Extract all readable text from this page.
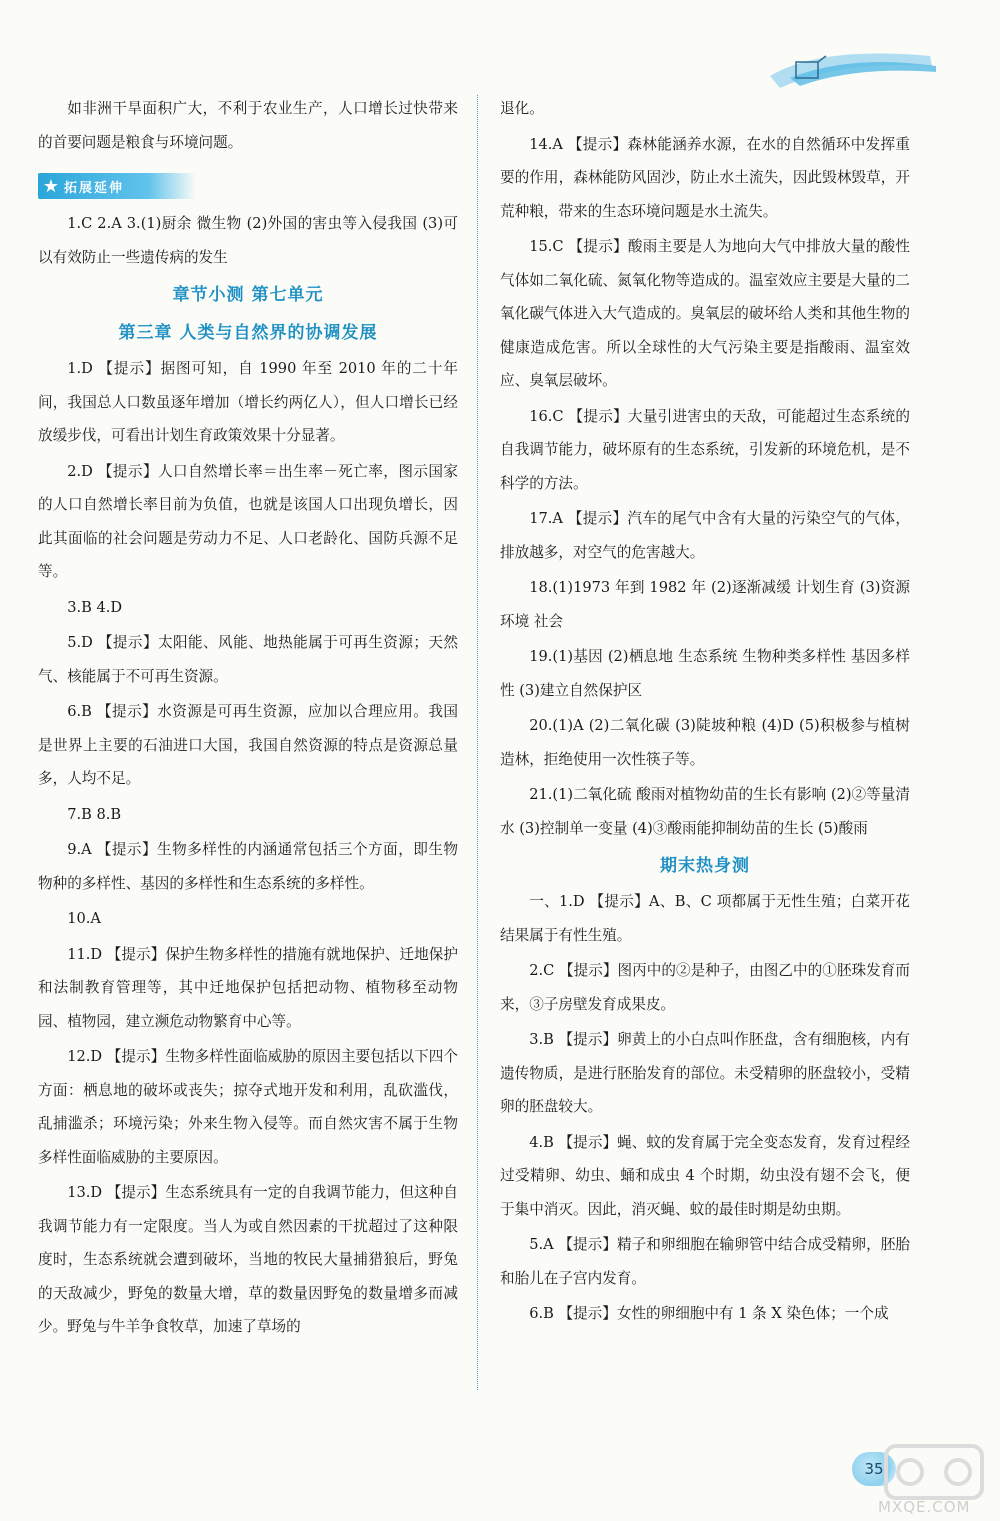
如非洲干旱面积广大，不利于农业生产，人口增长过快带来的首要问题是粮食与环境问题。

★ 拓展延伸

1.C 2.A 3.(1)厨余 微生物 (2)外国的害虫等入侵我国 (3)可以有效防止一些遗传病的发生

章节小测 第七单元
第三章 人类与自然界的协调发展

1.D 【提示】据图可知，自 1990 年至 2010 年的二十年间，我国总人口数虽逐年增加（增长约两亿人），但人口增长已经放缓步伐，可看出计划生育政策效果十分显著。

2.D 【提示】人口自然增长率＝出生率－死亡率，图示国家的人口自然增长率目前为负值，也就是该国人口出现负增长，因此其面临的社会问题是劳动力不足、人口老龄化、国防兵源不足等。

3.B 4.D

5.D 【提示】太阳能、风能、地热能属于可再生资源；天然气、核能属于不可再生资源。

6.B 【提示】水资源是可再生资源，应加以合理应用。我国是世界上主要的石油进口大国，我国自然资源的特点是资源总量多，人均不足。

7.B 8.B

9.A 【提示】生物多样性的内涵通常包括三个方面，即生物物种的多样性、基因的多样性和生态系统的多样性。

10.A

11.D 【提示】保护生物多样性的措施有就地保护、迁地保护和法制教育管理等，其中迁地保护包括把动物、植物移至动物园、植物园，建立濒危动物繁育中心等。

12.D 【提示】生物多样性面临威胁的原因主要包括以下四个方面：栖息地的破坏或丧失；掠夺式地开发和利用，乱砍滥伐，乱捕滥杀；环境污染；外来生物入侵等。而自然灾害不属于生物多样性面临威胁的主要原因。

13.D 【提示】生态系统具有一定的自我调节能力，但这种自我调节能力有一定限度。当人为或自然因素的干扰超过了这种限度时，生态系统就会遭到破坏，当地的牧民大量捕猎狼后，野兔的天敌减少，野兔的数量大增，草的数量因野兔的数量增多而减少。野兔与牛羊争食牧草，加速了草场的

退化。

14.A 【提示】森林能涵养水源，在水的自然循环中发挥重要的作用，森林能防风固沙，防止水土流失，因此毁林毁草，开荒种粮，带来的生态环境问题是水土流失。

15.C 【提示】酸雨主要是人为地向大气中排放大量的酸性气体如二氧化硫、氮氧化物等造成的。温室效应主要是大量的二氧化碳气体进入大气造成的。臭氧层的破坏给人类和其他生物的健康造成危害。所以全球性的大气污染主要是指酸雨、温室效应、臭氧层破坏。

16.C 【提示】大量引进害虫的天敌，可能超过生态系统的自我调节能力，破坏原有的生态系统，引发新的环境危机，是不科学的方法。

17.A 【提示】汽车的尾气中含有大量的污染空气的气体，排放越多，对空气的危害越大。

18.(1)1973 年到 1982 年 (2)逐渐减缓 计划生育 (3)资源 环境 社会

19.(1)基因 (2)栖息地 生态系统 生物种类多样性 基因多样性 (3)建立自然保护区

20.(1)A (2)二氧化碳 (3)陡坡种粮 (4)D (5)积极参与植树造林，拒绝使用一次性筷子等。

21.(1)二氧化硫 酸雨对植物幼苗的生长有影响 (2)②等量清水 (3)控制单一变量 (4)③酸雨能抑制幼苗的生长 (5)酸雨

期末热身测

一、1.D 【提示】A、B、C 项都属于无性生殖；白菜开花结果属于有性生殖。

2.C 【提示】图丙中的②是种子，由图乙中的①胚珠发育而来，③子房壁发育成果皮。

3.B 【提示】卵黄上的小白点叫作胚盘，含有细胞核，内有遗传物质，是进行胚胎发育的部位。未受精卵的胚盘较小，受精卵的胚盘较大。

4.B 【提示】蝇、蚊的发育属于完全变态发育，发育过程经过受精卵、幼虫、蛹和成虫 4 个时期，幼虫没有翅不会飞，便于集中消灭。因此，消灭蝇、蚊的最佳时期是幼虫期。

5.A 【提示】精子和卵细胞在输卵管中结合成受精卵，胚胎和胎儿在子宫内发育。

6.B 【提示】女性的卵细胞中有 1 条 X 染色体；一个成

35
MXQE.COM
